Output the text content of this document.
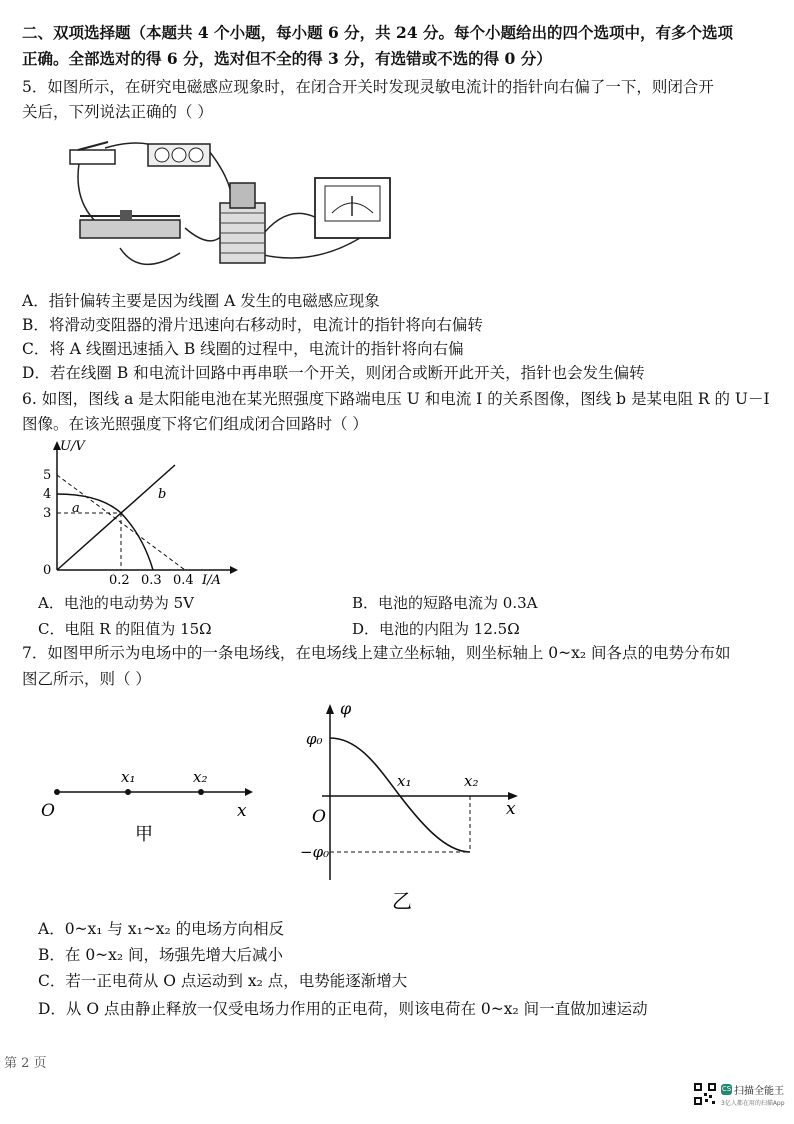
二、双项选择题（本题共 4 个小题，每小题 6 分，共 24 分。每个小题给出的四个选项中，有多个选项
正确。全部选对的得 6 分，选对但不全的得 3 分，有选错或不选的得 0 分）
5．如图所示，在研究电磁感应现象时，在闭合开关时发现灵敏电流计的指针向右偏了一下，则闭合开
关后，下列说法正确的（ ）
A．指针偏转主要是因为线圈 A 发生的电磁感应现象
B．将滑动变阻器的滑片迅速向右移动时，电流计的指针将向右偏转
C．将 A 线圈迅速插入 B 线圈的过程中，电流计的指针将向右偏
D．若在线圈 B 和电流计回路中再串联一个开关，则闭合或断开此开关，指针也会发生偏转
6. 如图，图线 a 是太阳能电池在某光照强度下路端电压 U 和电流 I 的关系图像，图线 b 是某电阻 R 的 U－I
图像。在该光照强度下将它们组成闭合回路时（ ）
5
4
3
0
0.2 0.3 0.4
U/V
I/A
a
b
A．电池的电动势为 5V	B．电池的短路电流为 0.3A
C．电阻 R 的阻值为 15Ω	D．电池的内阻为 12.5Ω
7．如图甲所示为电场中的一条电场线，在电场线上建立坐标轴，则坐标轴上 0~x₂ 间各点的电势分布如
图乙所示，则（ ）
O
x₁	x₂
x
甲
φ
φ₀
−φ₀
O
x₁	x₂
x
乙
A．0~x₁ 与 x₁~x₂ 的电场方向相反
B．在 0~x₂ 间，场强先增大后减小
C．若一正电荷从 O 点运动到 x₂ 点，电势能逐渐增大
D．从 O 点由静止释放一仅受电场力作用的正电荷，则该电荷在 0~x₂ 间一直做加速运动
第 2 页
CS 扫描全能王
3亿人都在用的扫描App
